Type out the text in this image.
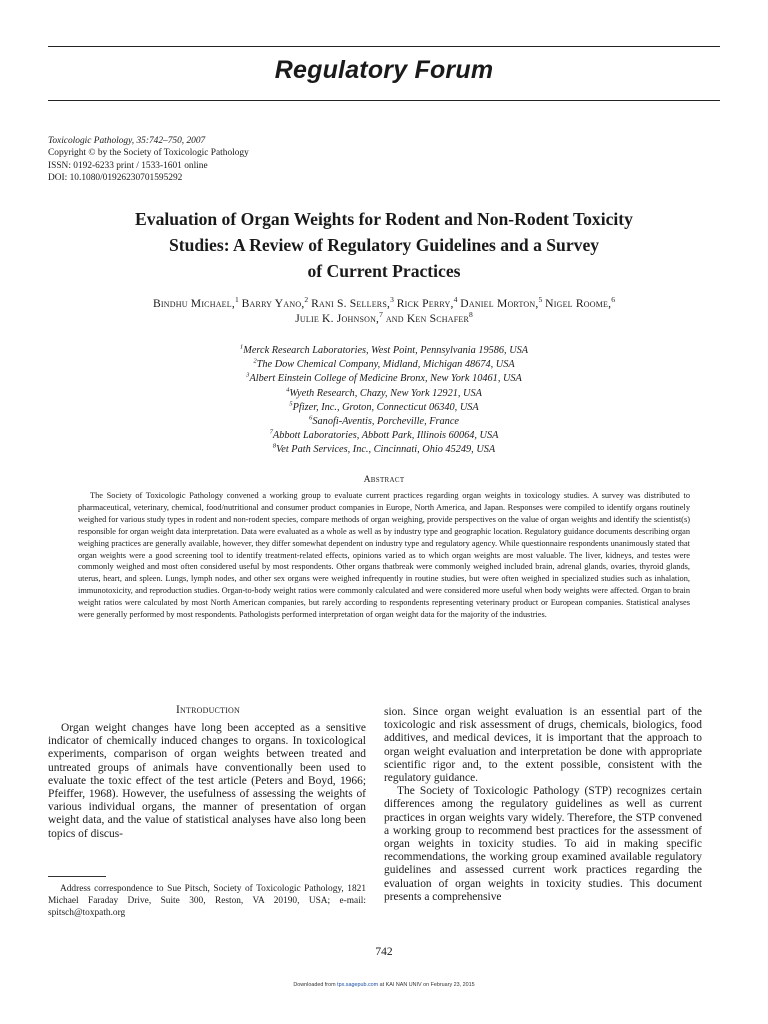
Regulatory Forum
Toxicologic Pathology, 35:742–750, 2007
Copyright © by the Society of Toxicologic Pathology
ISSN: 0192-6233 print / 1533-1601 online
DOI: 10.1080/01926230701595292
Evaluation of Organ Weights for Rodent and Non-Rodent Toxicity
Studies: A Review of Regulatory Guidelines and a Survey
of Current Practices
Bindhu Michael,$^1$ Barry Yano,$^2$ Rani S. Sellers,$^3$ Rick Perry,$^4$ Daniel Morton,$^5$ Nigel Roome,$^6$
Julie K. Johnson,$^7$ and Ken Schafer$^8$
$^1$Merck Research Laboratories, West Point, Pennsylvania 19586, USA
$^2$The Dow Chemical Company, Midland, Michigan 48674, USA
$^3$Albert Einstein College of Medicine Bronx, New York 10461, USA
$^4$Wyeth Research, Chazy, New York 12921, USA
$^5$Pfizer, Inc., Groton, Connecticut 06340, USA
$^6$Sanofi-Aventis, Porcheville, France
$^7$Abbott Laboratories, Abbott Park, Illinois 60064, USA
$^8$Vet Path Services, Inc., Cincinnati, Ohio 45249, USA
Abstract
The Society of Toxicologic Pathology convened a working group to evaluate current practices regarding organ weights in toxicology studies. A survey was distributed to pharmaceutical, veterinary, chemical, food/nutritional and consumer product companies in Europe, North America, and Japan. Responses were compiled to identify organs routinely weighed for various study types in rodent and non-rodent species, compare methods of organ weighing, provide perspectives on the value of organ weights and identify the scientist(s) responsible for organ weight data interpretation. Data were evaluated as a whole as well as by industry type and geographic location. Regulatory guidance documents describing organ weighing practices are generally available, however, they differ somewhat dependent on industry type and regulatory agency. While questionnaire respondents unanimously stated that organ weights were a good screening tool to identify treatment-related effects, opinions varied as to which organ weights are most valuable. The liver, kidneys, and testes were commonly weighed and most often considered useful by most respondents. Other organs thatbreak were commonly weighed included brain, adrenal glands, ovaries, thyroid glands, uterus, heart, and spleen. Lungs, lymph nodes, and other sex organs were weighed infrequently in routine studies, but were often weighed in specialized studies such as inhalation, immunotoxicity, and reproduction studies. Organ-to-body weight ratios were commonly calculated and were considered more useful when body weights were affected. Organ to brain weight ratios were calculated by most North American companies, but rarely according to respondents representing veterinary product or European companies. Statistical analyses were generally performed by most respondents. Pathologists performed interpretation of organ weight data for the majority of the industries.
Introduction

Organ weight changes have long been accepted as a sensitive indicator of chemically induced changes to organs. In toxicological experiments, comparison of organ weights between treated and untreated groups of animals have conventionally been used to evaluate the toxic effect of the test article (Peters and Boyd, 1966; Pfeiffer, 1968). However, the usefulness of assessing the weights of various individual organs, the manner of presentation of organ weight data, and the value of statistical analyses have also long been topics of discus-

sion. Since organ weight evaluation is an essential part of the toxicologic and risk assessment of drugs, chemicals, biologics, food additives, and medical devices, it is important that the approach to organ weight evaluation and interpretation be done with appropriate scientific rigor and, to the extent possible, consistent with the regulatory guidance.

The Society of Toxicologic Pathology (STP) recognizes certain differences among the regulatory guidelines as well as current practices in organ weights vary widely. Therefore, the STP convened a working group to recommend best practices for the assessment of organ weights in toxicity studies. To aid in making specific recommendations, the working group examined available regulatory guidelines and assessed current work practices regarding the evaluation of organ weights in toxicity studies. This document presents a comprehensive

Address correspondence to Sue Pitsch, Society of Toxicologic Pathology, 1821 Michael Faraday Drive, Suite 300, Reston, VA 20190, USA; e-mail: spitsch@toxpath.org
742
Downloaded from tpx.sagepub.com at KAI NAN UNIV on February 23, 2015
